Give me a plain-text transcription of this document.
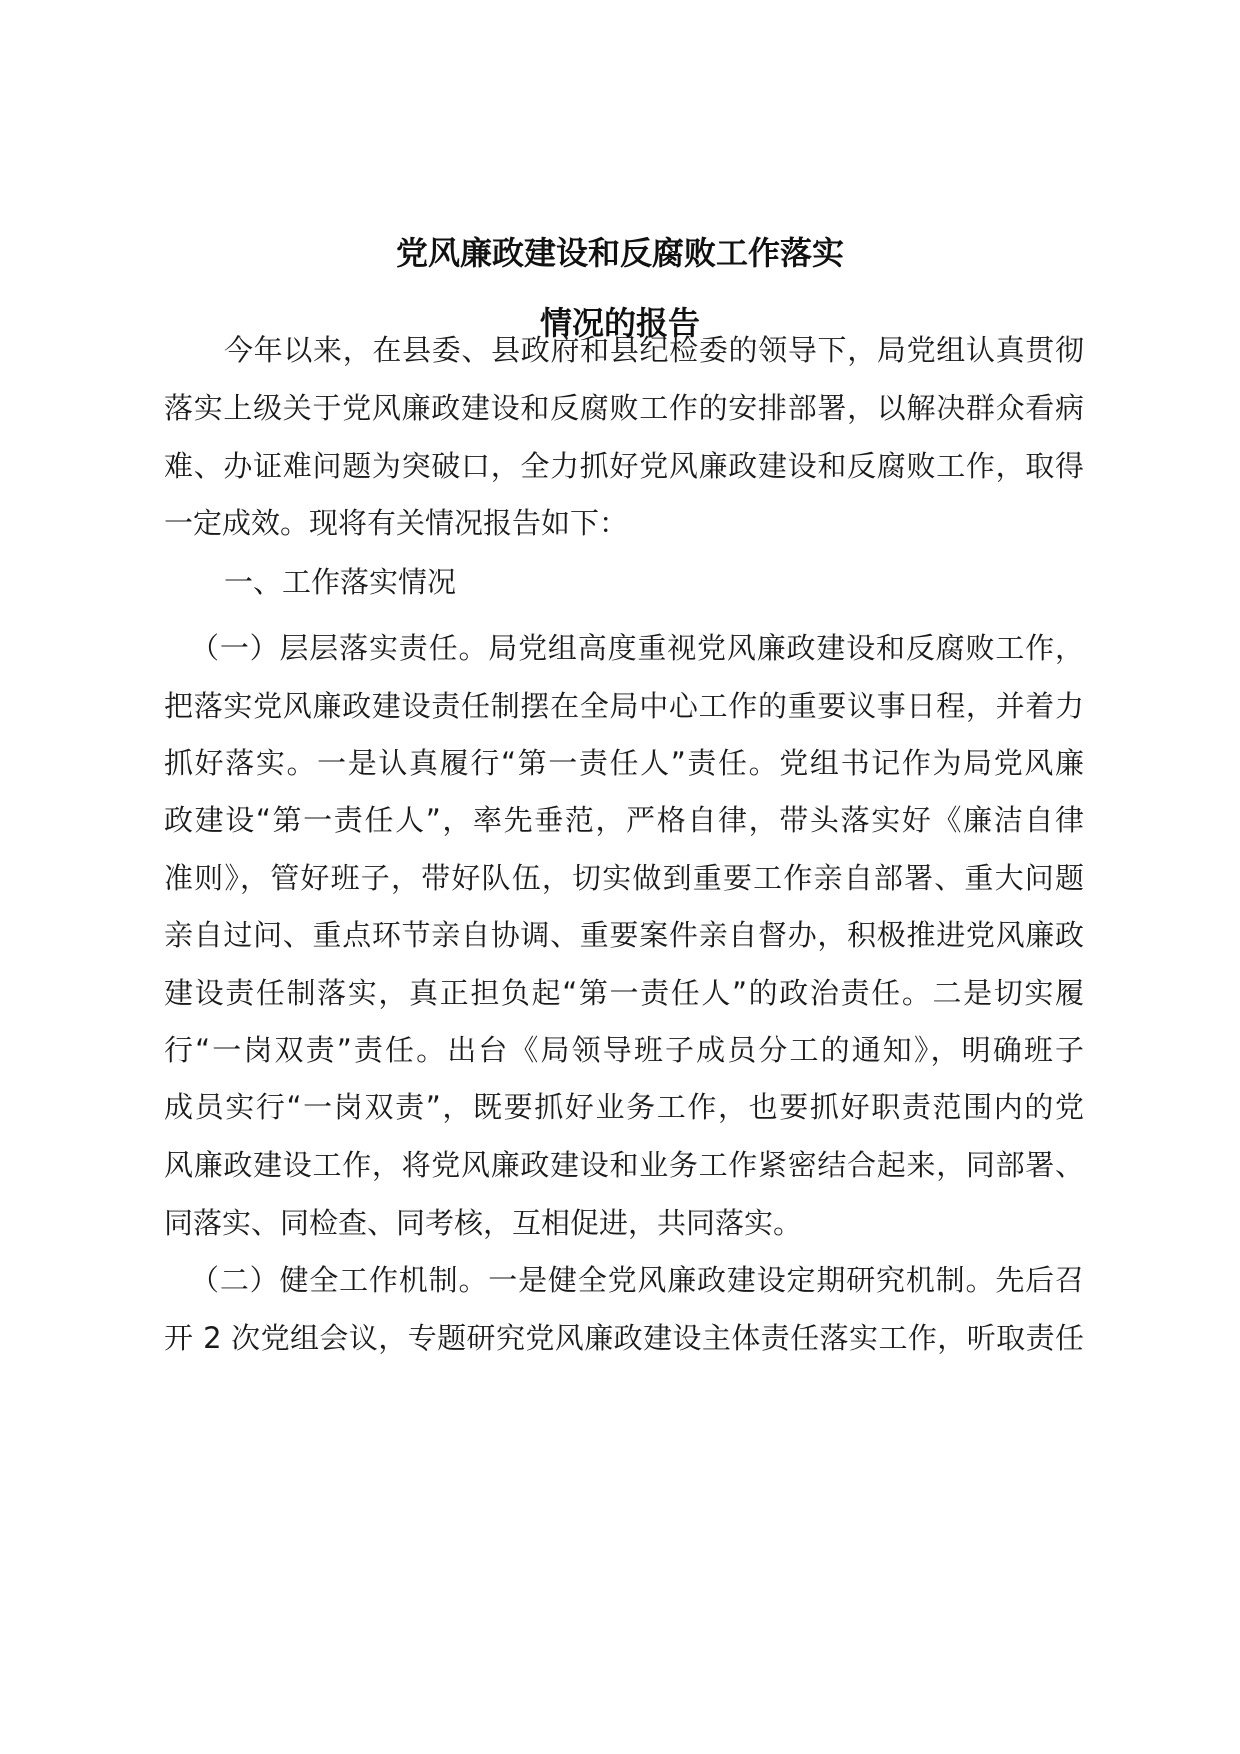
党风廉政建设和反腐败工作落实
情况的报告
今年以来，在县委、县政府和县纪检委的领导下，局党组认真贯彻
落实上级关于党风廉政建设和反腐败工作的安排部署，以解决群众看病
难、办证难问题为突破口，全力抓好党风廉政建设和反腐败工作，取得
一定成效。现将有关情况报告如下：
一、工作落实情况
（一）层层落实责任。局党组高度重视党风廉政建设和反腐败工作，
把落实党风廉政建设责任制摆在全局中心工作的重要议事日程，并着力
抓好落实。一是认真履行“第一责任人”责任。党组书记作为局党风廉
政建设“第一责任人”，率先垂范，严格自律，带头落实好《廉洁自律
准则》，管好班子，带好队伍，切实做到重要工作亲自部署、重大问题
亲自过问、重点环节亲自协调、重要案件亲自督办，积极推进党风廉政
建设责任制落实，真正担负起“第一责任人”的政治责任。二是切实履
行“一岗双责”责任。出台《局领导班子成员分工的通知》，明确班子
成员实行“一岗双责”，既要抓好业务工作，也要抓好职责范围内的党
风廉政建设工作，将党风廉政建设和业务工作紧密结合起来，同部署、
同落实、同检查、同考核，互相促进，共同落实。
（二）健全工作机制。一是健全党风廉政建设定期研究机制。先后召
开 2 次党组会议，专题研究党风廉政建设主体责任落实工作，听取责任
